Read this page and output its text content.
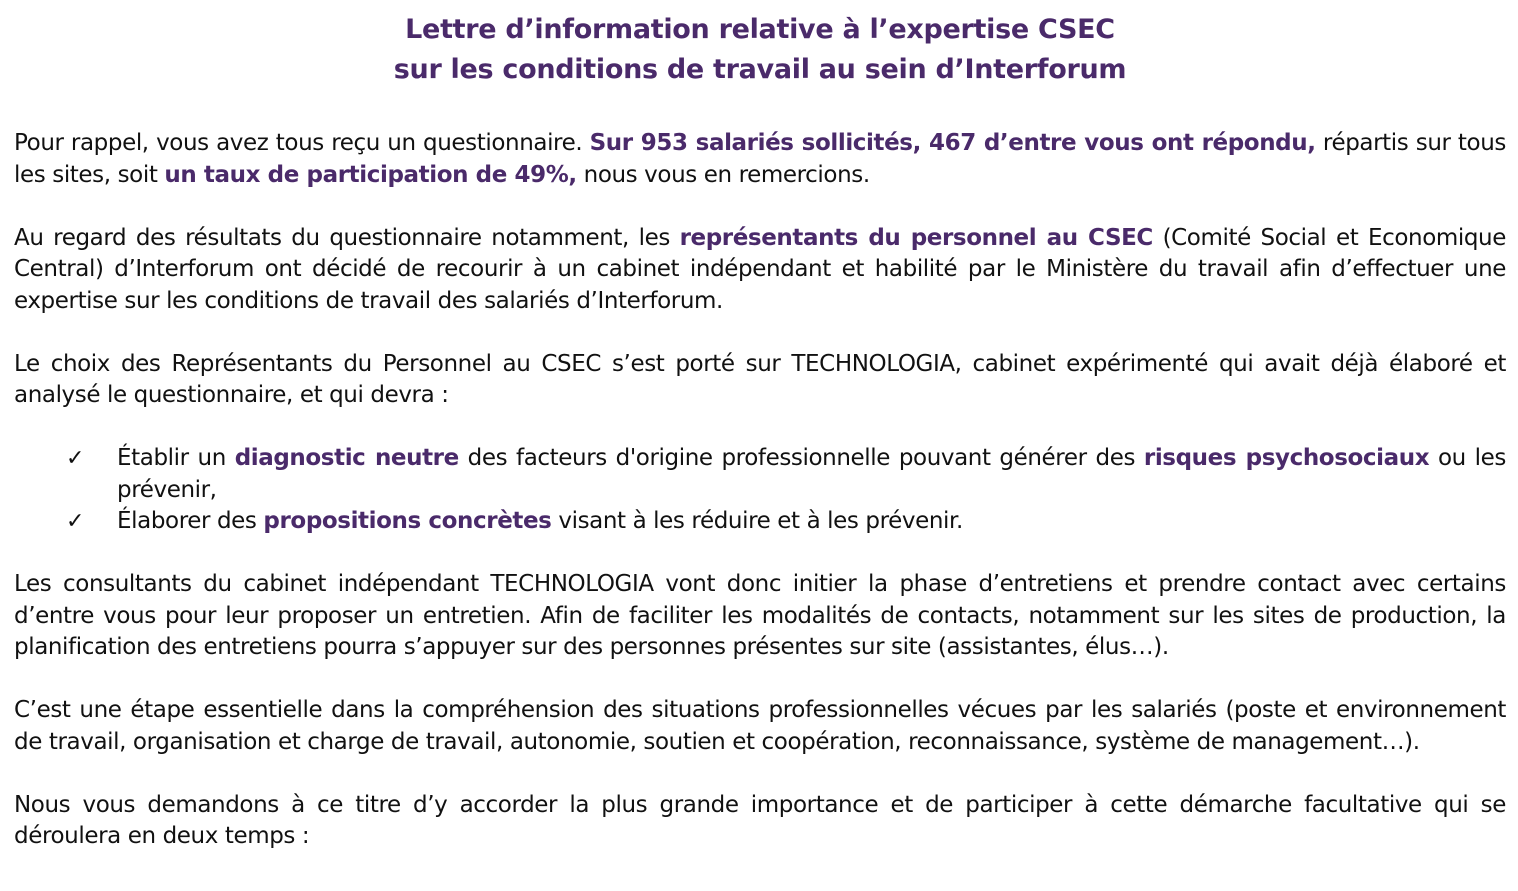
Lettre d’information relative à l’expertise CSEC
sur les conditions de travail au sein d’Interforum

Pour rappel, vous avez tous reçu un questionnaire. Sur 953 salariés sollicités, 467 d’entre vous ont répondu, répartis sur tous les sites, soit un taux de participation de 49%, nous vous en remercions.

Au regard des résultats du questionnaire notamment, les représentants du personnel au CSEC (Comité Social et Economique Central) d’Interforum ont décidé de recourir à un cabinet indépendant et habilité par le Ministère du travail afin d’effectuer une expertise sur les conditions de travail des salariés d’Interforum.

Le choix des Représentants du Personnel au CSEC s’est porté sur TECHNOLOGIA, cabinet expérimenté qui avait déjà élaboré et analysé le questionnaire, et qui devra :

✓ Établir un diagnostic neutre des facteurs d'origine professionnelle pouvant générer des risques psychosociaux ou les prévenir,
✓ Élaborer des propositions concrètes visant à les réduire et à les prévenir.

Les consultants du cabinet indépendant TECHNOLOGIA vont donc initier la phase d’entretiens et prendre contact avec certains d’entre vous pour leur proposer un entretien. Afin de faciliter les modalités de contacts, notamment sur les sites de production, la planification des entretiens pourra s’appuyer sur des personnes présentes sur site (assistantes, élus…).

C’est une étape essentielle dans la compréhension des situations professionnelles vécues par les salariés (poste et environnement de travail, organisation et charge de travail, autonomie, soutien et coopération, reconnaissance, système de management…).

Nous vous demandons à ce titre d’y accorder la plus grande importance et de participer à cette démarche facultative qui se déroulera en deux temps :
